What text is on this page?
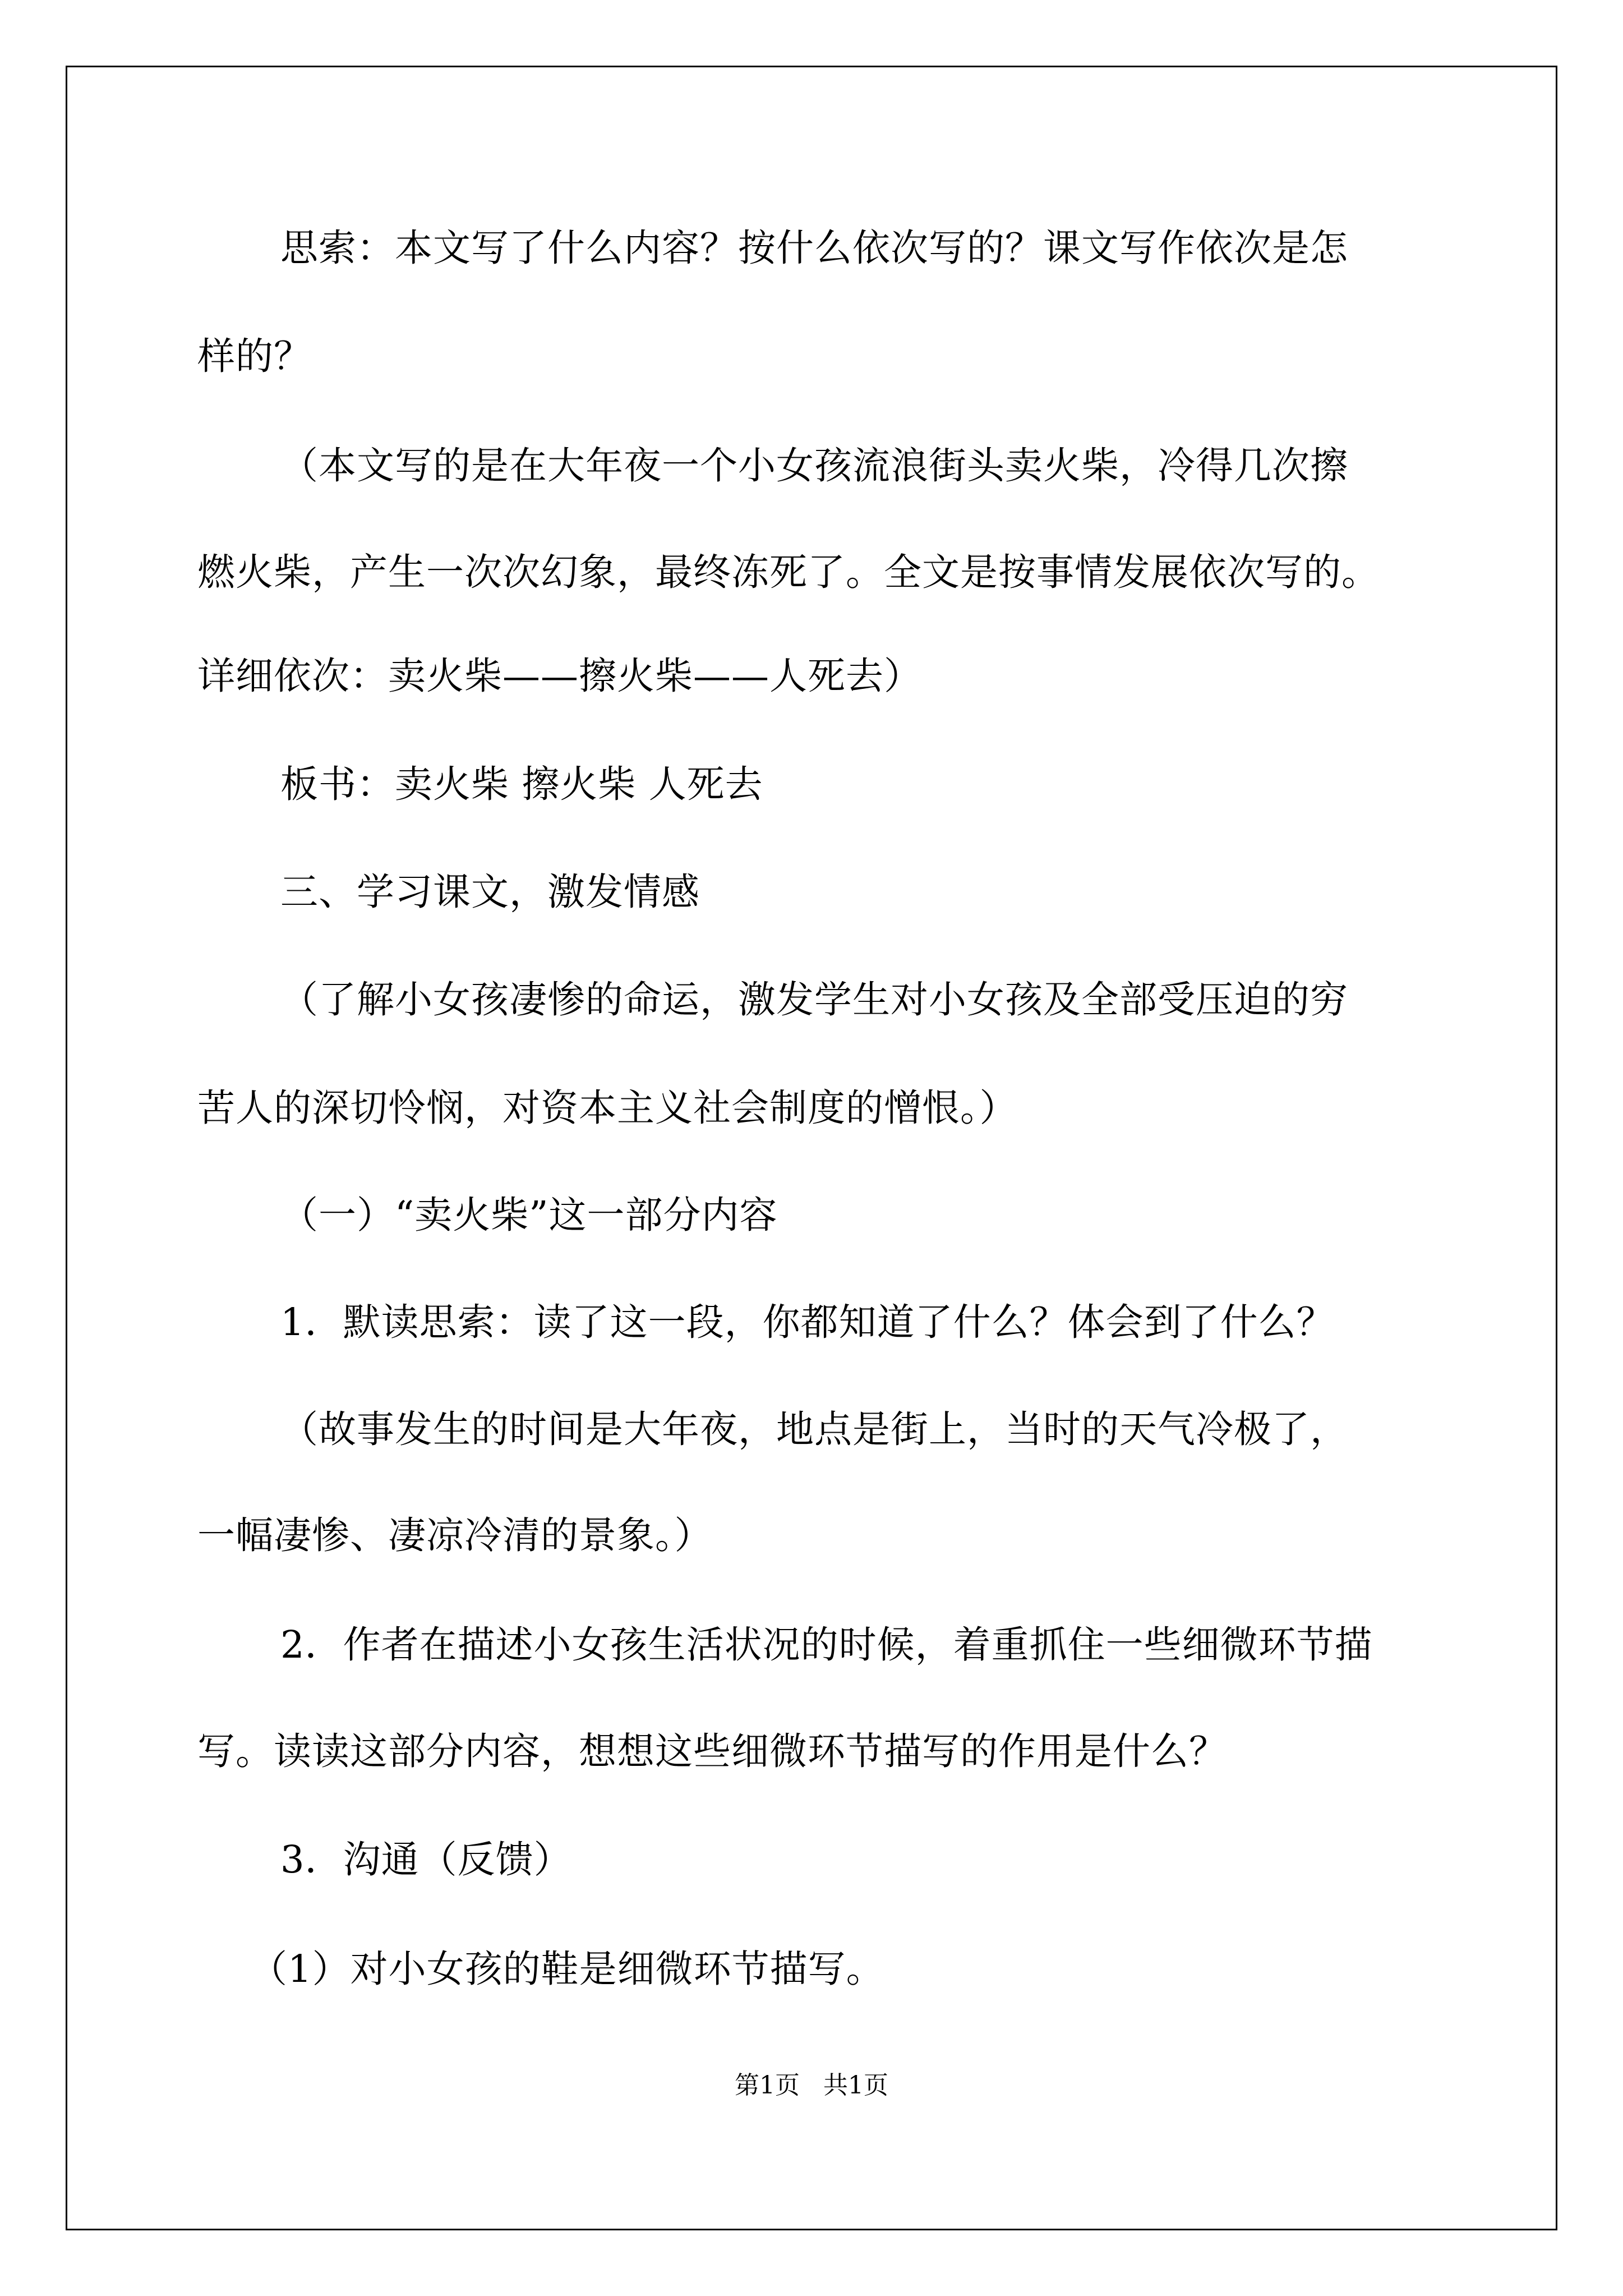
思索：本文写了什么内容？按什么依次写的？课文写作依次是怎
样的？
（本文写的是在大年夜一个小女孩流浪街头卖火柴，冷得几次擦
燃火柴，产生一次次幻象，最终冻死了。全文是按事情发展依次写的。
详细依次：卖火柴——擦火柴——人死去）
板书：卖火柴 擦火柴 人死去
三、学习课文，激发情感
（了解小女孩凄惨的命运，激发学生对小女孩及全部受压迫的穷
苦人的深切怜悯，对资本主义社会制度的憎恨。）
（一）“卖火柴”这一部分内容
1．默读思索：读了这一段，你都知道了什么？体会到了什么？
（故事发生的时间是大年夜，地点是街上，当时的天气冷极了，
一幅凄惨、凄凉冷清的景象。）
2．作者在描述小女孩生活状况的时候，着重抓住一些细微环节描
写。读读这部分内容，想想这些细微环节描写的作用是什么？
3．沟通（反馈）
（1）对小女孩的鞋是细微环节描写。
第1页   共1页
